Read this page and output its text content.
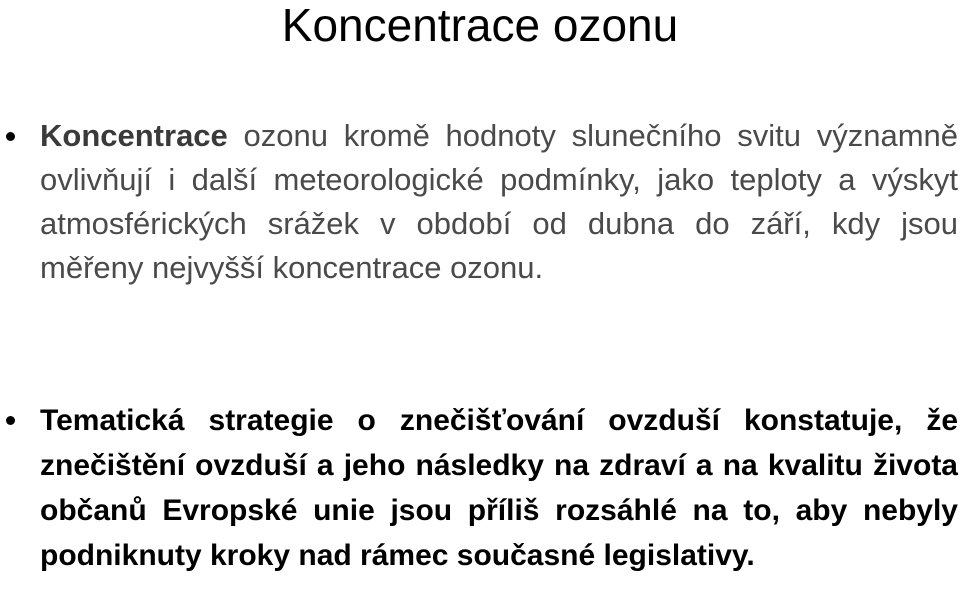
Koncentrace ozonu
Koncentrace ozonu kromě hodnoty slunečního svitu významně ovlivňují i další meteorologické podmínky, jako teploty a výskyt atmosférických srážek v období od dubna do září, kdy jsou měřeny nejvyšší koncentrace ozonu.
Tematická strategie o znečišťování ovzduší konstatuje, že znečištění ovzduší a jeho následky na zdraví a na kvalitu života občanů Evropské unie jsou příliš rozsáhlé na to, aby nebyly podniknuty kroky nad rámec současné legislativy.
